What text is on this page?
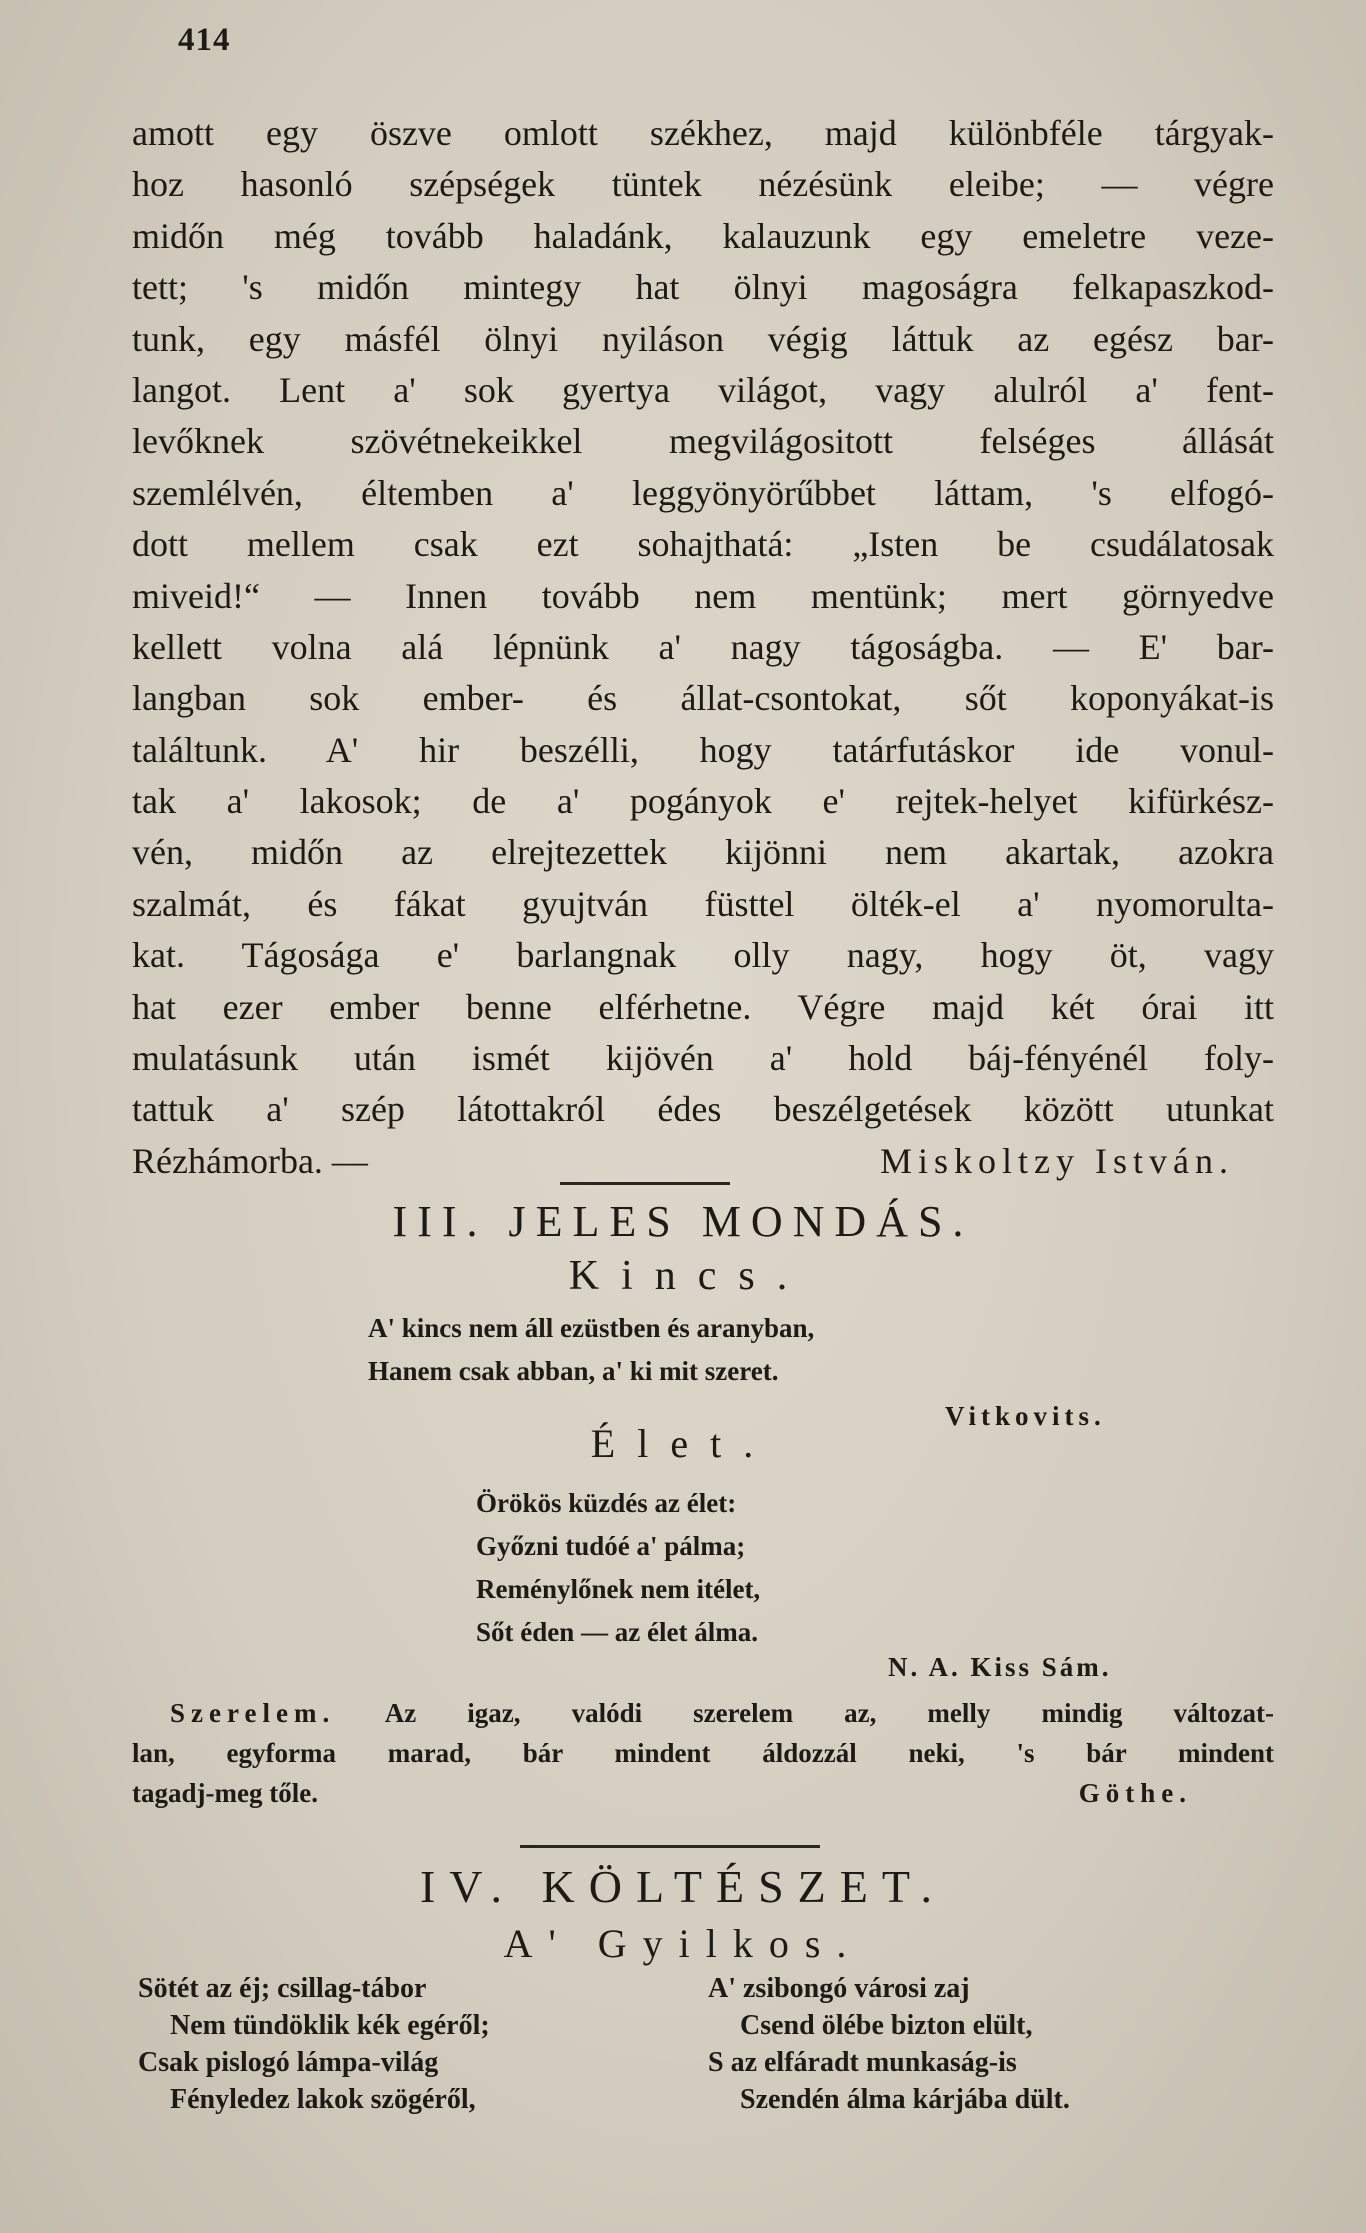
414
amott egy öszve omlott székhez, majd különbféle tárgyak-
hoz hasonló szépségek tüntek nézésünk eleibe; — végre
midőn még tovább haladánk, kalauzunk egy emeletre veze-
tett; 's midőn mintegy hat ölnyi magoságra felkapaszkod-
tunk, egy másfél ölnyi nyiláson végig láttuk az egész bar-
langot. Lent a' sok gyertya világot, vagy alulról a' fent-
levőknek szövétnekeikkel megvilágositott felséges állását
szemlélvén, éltemben a' leggyönyörűbbet láttam, 's elfogó-
dott mellem csak ezt sohajthatá: „Isten be csudálatosak
miveid!“ — Innen tovább nem mentünk; mert görnyedve
kellett volna alá lépnünk a' nagy tágoságba. — E' bar-
langban sok ember- és állat-csontokat, sőt koponyákat-is
találtunk. A' hir beszélli, hogy tatárfutáskor ide vonul-
tak a' lakosok; de a' pogányok e' rejtek-helyet kifürkész-
vén, midőn az elrejtezettek kijönni nem akartak, azokra
szalmát, és fákat gyujtván füsttel ölték-el a' nyomorulta-
kat. Tágosága e' barlangnak olly nagy, hogy öt, vagy
hat ezer ember benne elférhetne. Végre majd két órai itt
mulatásunk után ismét kijövén a' hold báj-fényénél foly-
tattuk a' szép látottakról édes beszélgetések között utunkat
Rézhámorba. —	Miskoltzy István.
III. JELES MONDÁS.
Kincs.
A' kincs nem áll ezüstben és aranyban,
Hanem csak abban, a' ki mit szeret.
Vitkovits.
Élet.
Örökös küzdés az élet:
Győzni tudóé a' pálma;
Reménylőnek nem itélet,
Sőt éden — az élet álma.
N. A. Kiss Sám.
Szerelem. Az igaz, valódi szerelem az, melly mindig változat-
lan, egyforma marad, bár mindent áldozzál neki, 's bár mindent
tagadj-meg tőle.	Göthe.
IV. KÖLTÉSZET.
A' Gyilkos.
Sötét az éj; csillag-tábor
Nem tündöklik kék egéről;
Csak pislogó lámpa-világ
Fényledez lakok szögéről,
A' zsibongó városi zaj
Csend ölébe bizton elült,
S az elfáradt munkaság-is
Szendén álma kárjába dült.
